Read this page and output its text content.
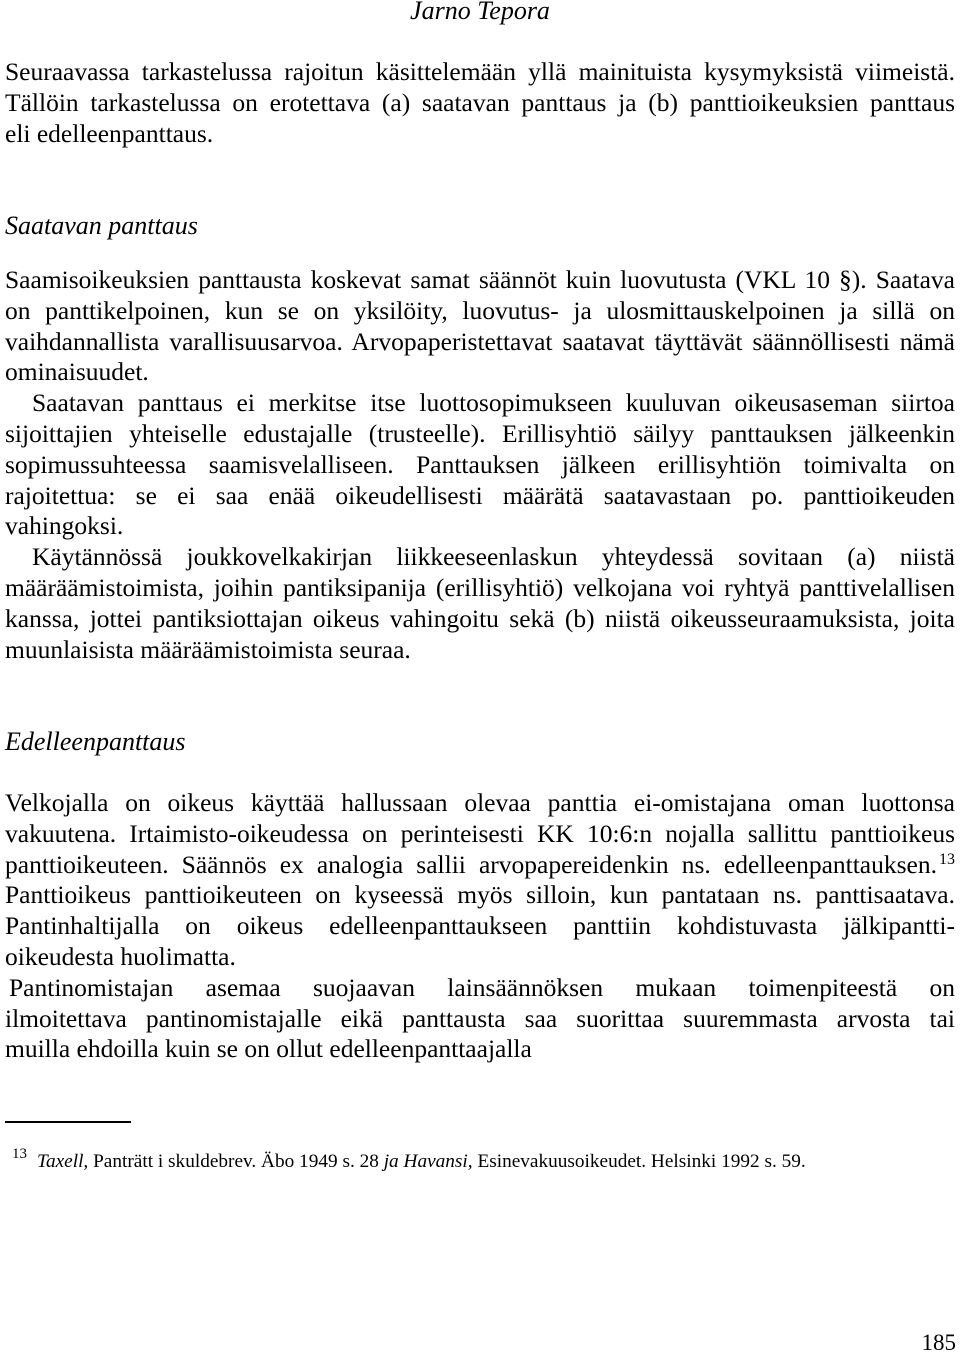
Jarno Tepora
Seuraavassa tarkastelussa rajoitun käsittelemään yllä mainituista kysymyksistä viimeistä.
Tällöin tarkastelussa on erotettava (a) saatavan panttaus ja (b) panttioikeuksien panttaus
eli edelleenpanttaus.
Saatavan panttaus
Saamisoikeuksien panttausta koskevat samat säännöt kuin luovutusta (VKL 10 §). Saatava
on panttikelpoinen, kun se on yksilöity, luovutus- ja ulosmittauskelpoinen ja sillä on
vaihdannallista varallisuusarvoa. Arvopaperistettavat saatavat täyttävät säännöllisesti nämä
ominaisuudet.
Saatavan panttaus ei merkitse itse luottosopimukseen kuuluvan oikeusaseman siirtoa
sijoittajien yhteiselle edustajalle (trusteelle). Erillisyhtiö säilyy panttauksen jälkeenkin
sopimussuhteessa saamisvelalliseen. Panttauksen jälkeen erillisyhtiön toimivalta on
rajoitettua: se ei saa enää oikeudellisesti määrätä saatavastaan po. panttioikeuden
vahingoksi.
Käytännössä joukkovelkakirjan liikkeeseenlaskun yhteydessä sovitaan (a) niistä
määräämistoimista, joihin pantiksipanija (erillisyhtiö) velkojana voi ryhtyä panttivelallisen
kanssa, jottei pantiksiottajan oikeus vahingoitu sekä (b) niistä oikeusseuraamuksista, joita
muunlaisista määräämistoimista seuraa.
Edelleenpanttaus
Velkojalla on oikeus käyttää hallussaan olevaa panttia ei-omistajana oman luottonsa
vakuutena. Irtaimisto-oikeudessa on perinteisesti KK 10:6:n nojalla sallittu panttioikeus
panttioikeuteen. Säännös ex analogia sallii arvopapereidenkin ns. edelleenpanttauksen. $^{13}$
Panttioikeus panttioikeuteen on kyseessä myös silloin, kun pantataan ns. panttisaatava.
Pantinhaltijalla on oikeus edelleenpanttaukseen panttiin kohdistuvasta jälkipantti-
oikeudesta huolimatta.
Pantinomistajan asemaa suojaavan lainsäännöksen mukaan toimenpiteestä on
ilmoitettava pantinomistajalle eikä panttausta saa suorittaa suuremmasta arvosta tai
muilla ehdoilla kuin se on ollut edelleenpanttaajalla
$^{13}$ Taxell, Panträtt i skuldebrev. Äbo 1949 s. 28 ja Havansi, Esinevakuusoikeudet. Helsinki 1992 s. 59.
185
